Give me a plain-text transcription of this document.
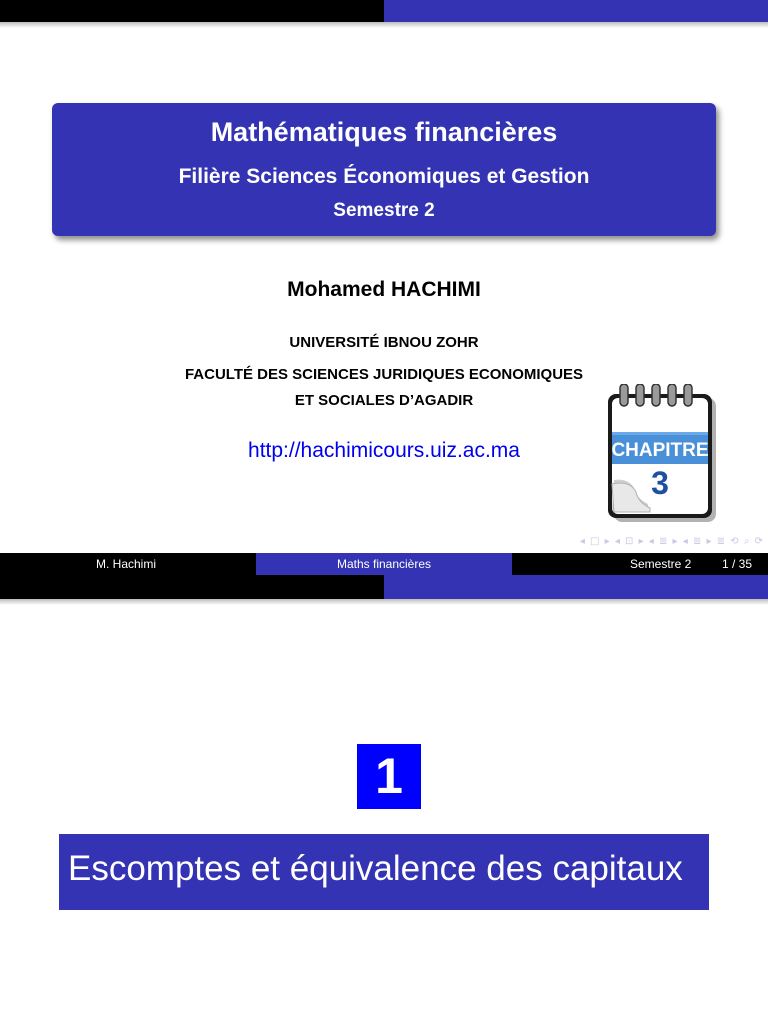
Mathématiques financières
Filière Sciences Économiques et Gestion
Semestre 2
Mohamed HACHIMI
UNIVERSITÉ IBNOU ZOHR
FACULTÉ DES SCIENCES JURIDIQUES ECONOMIQUES
ET SOCIALES D’AGADIR
http://hachimicours.uiz.ac.ma	CHAPITRE
3
◂ □ ▸ ◂ ⊡ ▸ ◂ ≣ ▸ ◂ ≣ ▸ ≣ ⟲ ⌕ ⟳
M. Hachimi	Maths financières	Semestre 2	1 / 35
1
Escomptes et équivalence des capitaux
